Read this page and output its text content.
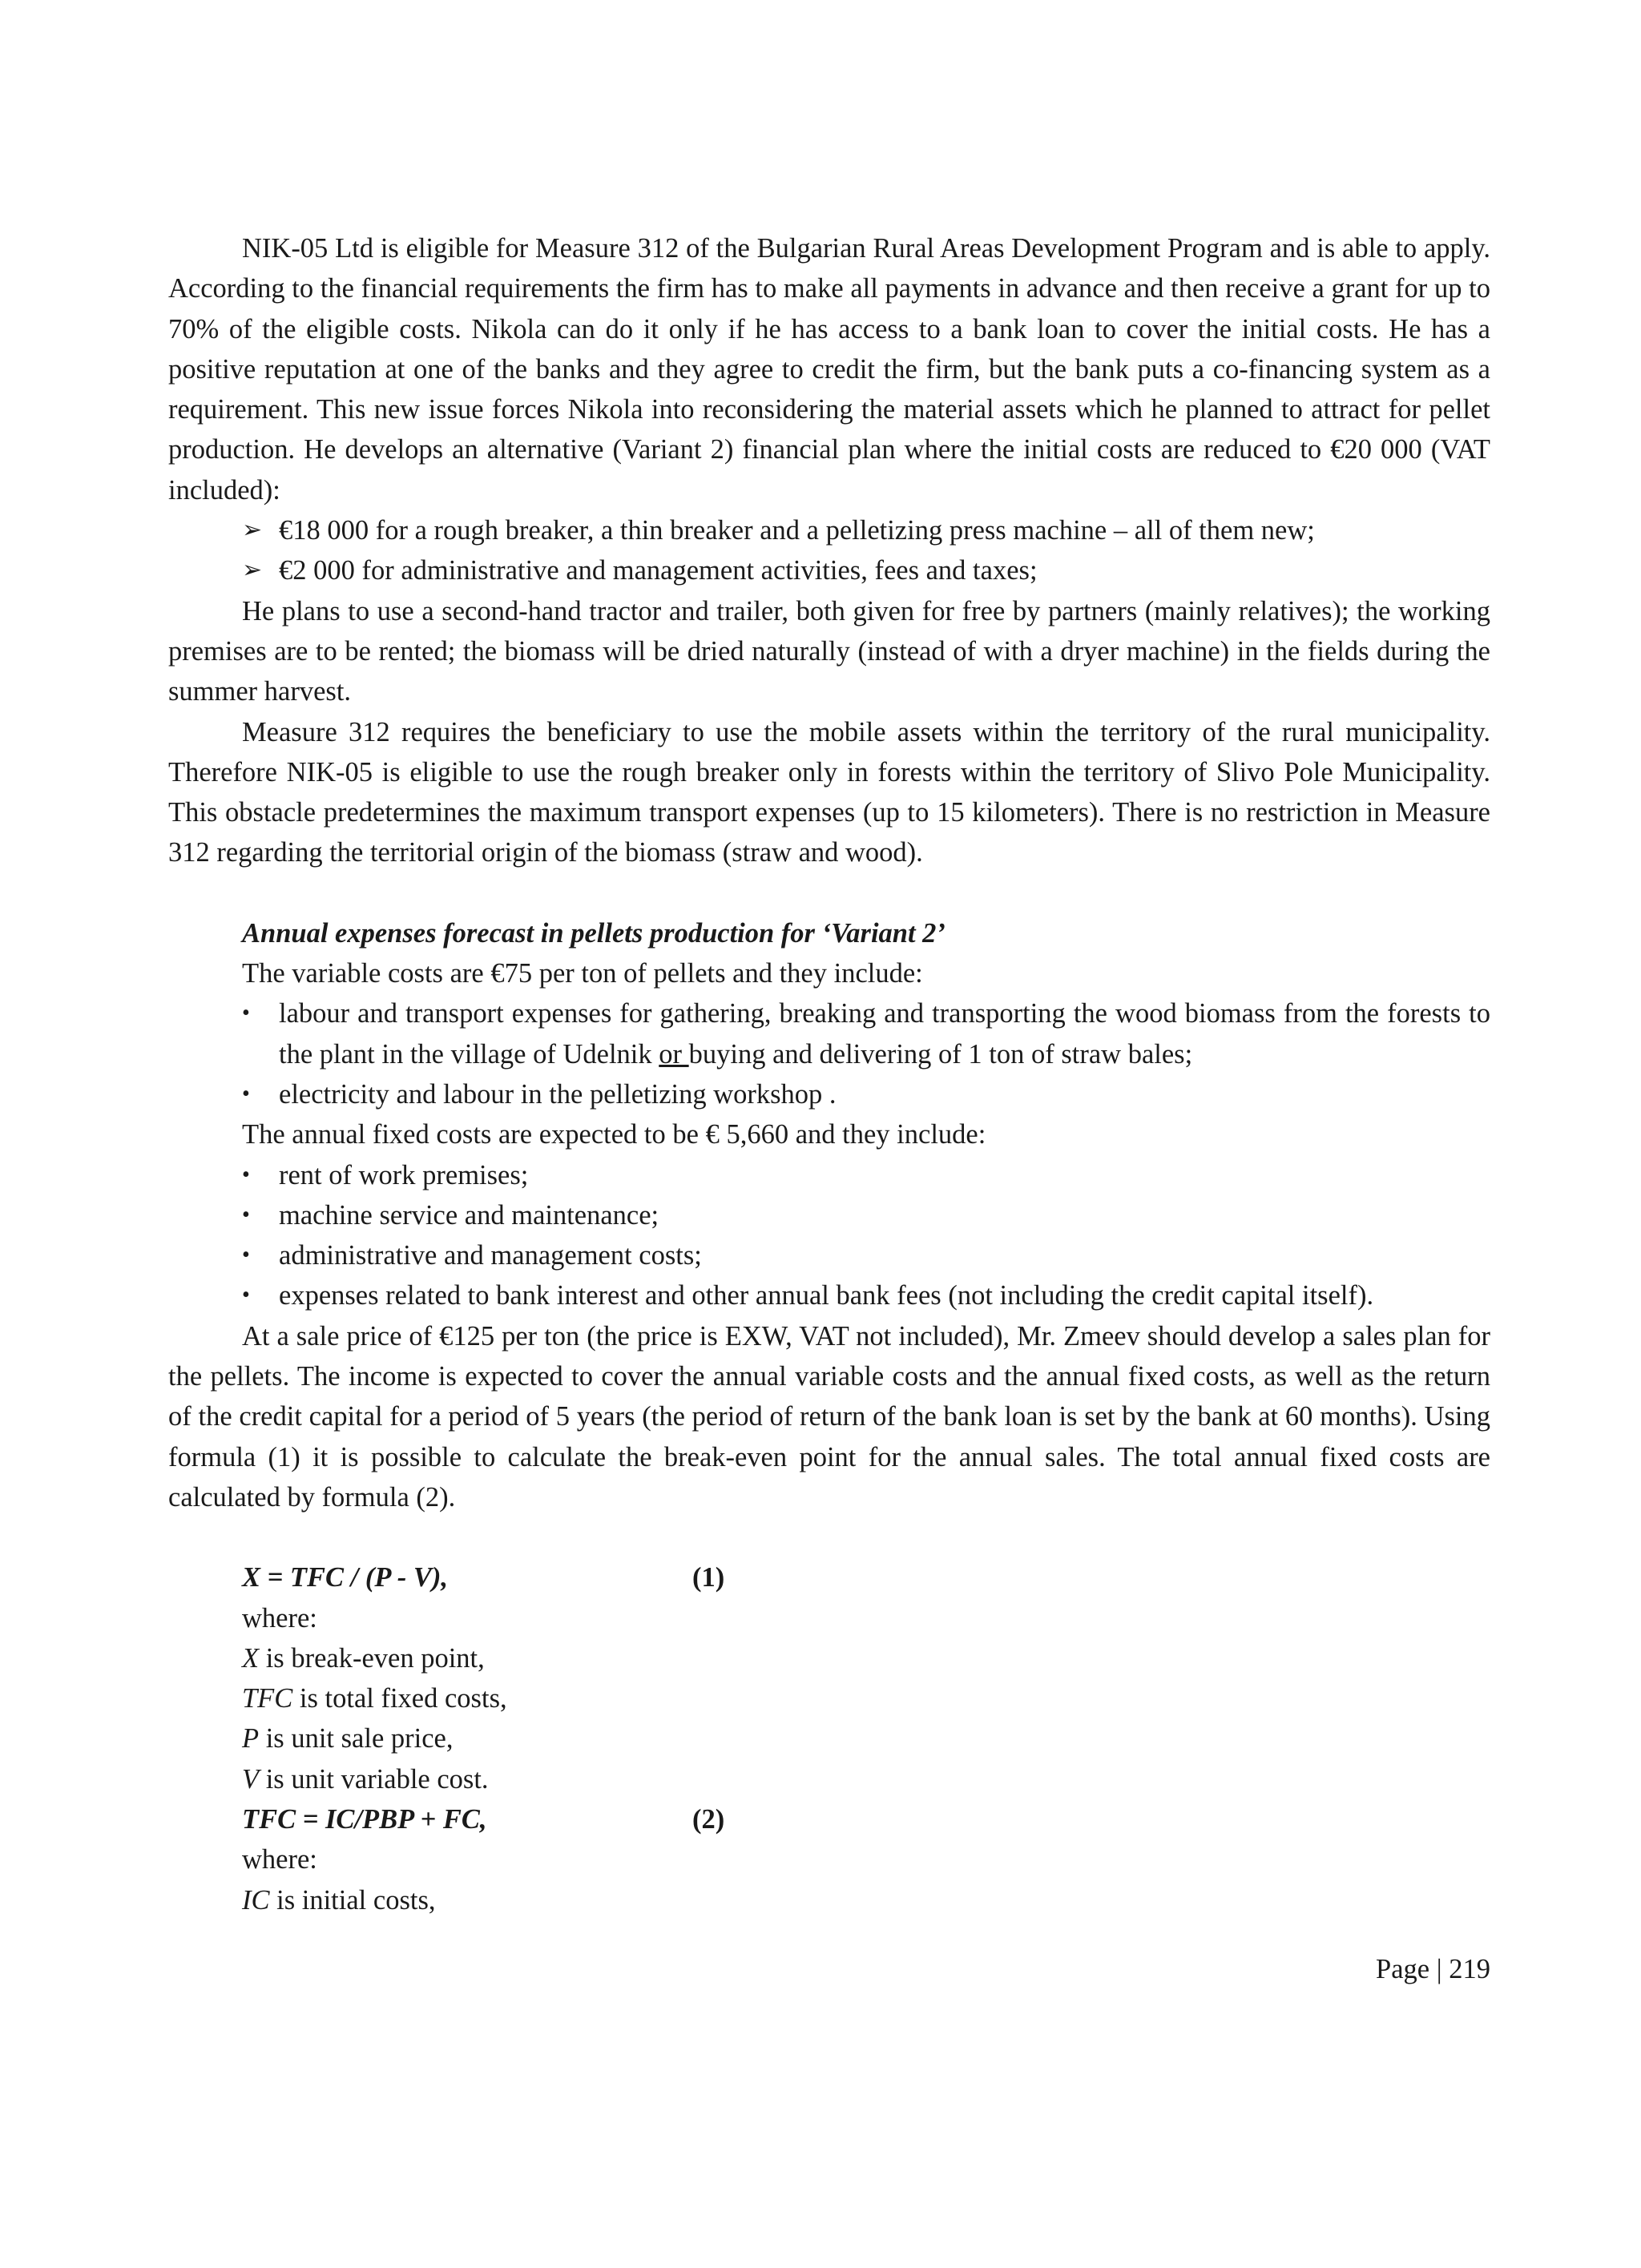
NIK-05 Ltd is eligible for Measure 312 of the Bulgarian Rural Areas Development Program and is able to apply. According to the financial requirements the firm has to make all payments in advance and then receive a grant for up to 70% of the eligible costs. Nikola can do it only if he has access to a bank loan to cover the initial costs. He has a positive reputation at one of the banks and they agree to credit the firm, but the bank puts a co-financing system as a requirement. This new issue forces Nikola into reconsidering the material assets which he planned to attract for pellet production. He develops an alternative (Variant 2) financial plan where the initial costs are reduced to €20 000 (VAT included):

➢ €18 000 for a rough breaker, a thin breaker and a pelletizing press machine – all of them new;
➢ €2 000 for administrative and management activities, fees and taxes;

He plans to use a second-hand tractor and trailer, both given for free by partners (mainly relatives); the working premises are to be rented; the biomass will be dried naturally (instead of with a dryer machine) in the fields during the summer harvest.

Measure 312 requires the beneficiary to use the mobile assets within the territory of the rural municipality. Therefore NIK-05 is eligible to use the rough breaker only in forests within the territory of Slivo Pole Municipality. This obstacle predetermines the maximum transport expenses (up to 15 kilometers). There is no restriction in Measure 312 regarding the territorial origin of the biomass (straw and wood).

Annual expenses forecast in pellets production for ‘Variant 2’
The variable costs are €75 per ton of pellets and they include:
•	labour and transport expenses for gathering, breaking and transporting the wood biomass from the forests to the plant in the village of Udelnik or buying and delivering of 1 ton of straw bales;
•	electricity and labour in the pelletizing workshop .
The annual fixed costs are expected to be € 5,660 and they include:
•	rent of work premises;
•	machine service and maintenance;
•	administrative and management costs;
•	expenses related to bank interest and other annual bank fees (not including the credit capital itself).

At a sale price of €125 per ton (the price is EXW, VAT not included), Mr. Zmeev should develop a sales plan for the pellets. The income is expected to cover the annual variable costs and the annual fixed costs, as well as the return of the credit capital for a period of 5 years (the period of return of the bank loan is set by the bank at 60 months). Using formula (1) it is possible to calculate the break-even point for the annual sales. The total annual fixed costs are calculated by formula (2).

X = TFC / (P - V),	(1)
where:
X is break-even point,
TFC is total fixed costs,
P is unit sale price,
V is unit variable cost.
TFC = IC/PBP + FC,	(2)
where:
IC is initial costs,
Page | 219
